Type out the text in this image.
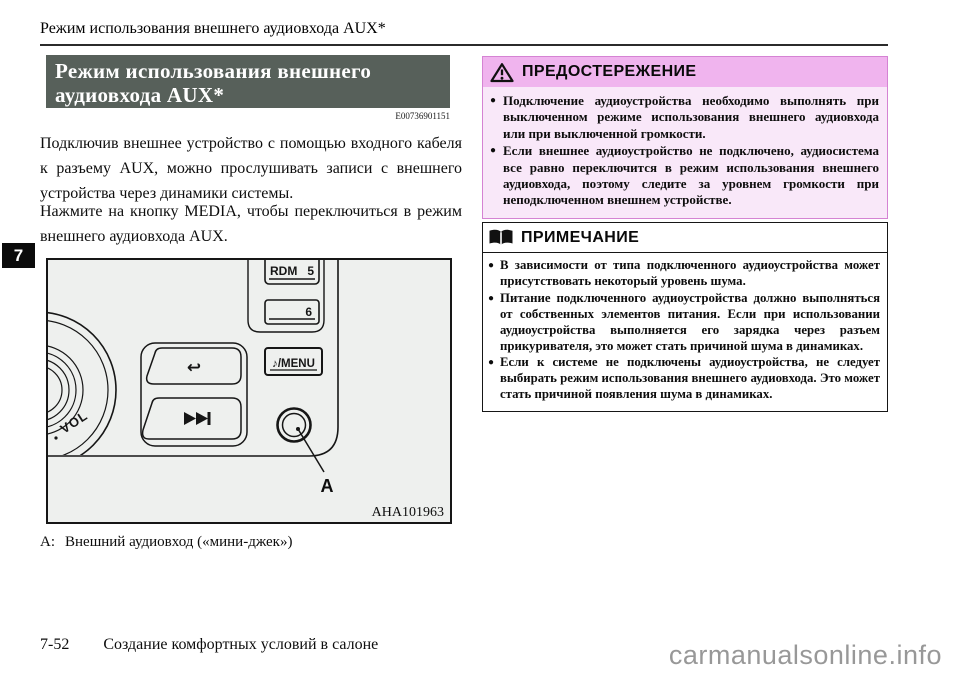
Режим использования внешнего аудиовхода AUX*
7
Режим использования внешнего
аудиовхода AUX*
E00736901151

Подключив внешнее устройство с помощью входного кабеля к разъему AUX, можно прослушивать записи с внешнего устройства через динамики системы.

Нажмите на кнопку MEDIA, чтобы переключиться в режим внешнего аудиовхода AUX.

↩
RDM 5
6
♪/MENU
VOL
A
AHA101963
А: Внешний аудиовход («мини-джек»)
ПРЕДОСТЕРЕЖЕНИЕ
● Подключение аудиоустройства необходимо выполнять при выключенном режиме использования внешнего аудиовхода или при выключенной громкости.
● Если внешнее аудиоустройство не подключено, аудиосистема все равно переключится в режим использования внешнего аудиовхода, поэтому следите за уровнем громкости при неподключенном внешнем устройстве.
ПРИМЕЧАНИЕ
● В зависимости от типа подключенного аудиоустройства может присутствовать некоторый уровень шума.
● Питание подключенного аудиоустройства должно выполняться от собственных элементов питания. Если при использовании аудиоустройства выполняется его зарядка через разъем прикуривателя, это может стать причиной шума в динамиках.
● Если к системе не подключены аудиоустройства, не следует выбирать режим использования внешнего аудиовхода. Это может стать причиной появления шума в динамиках.
7-52 Создание комфортных условий в салоне	carmanualsonline.info
